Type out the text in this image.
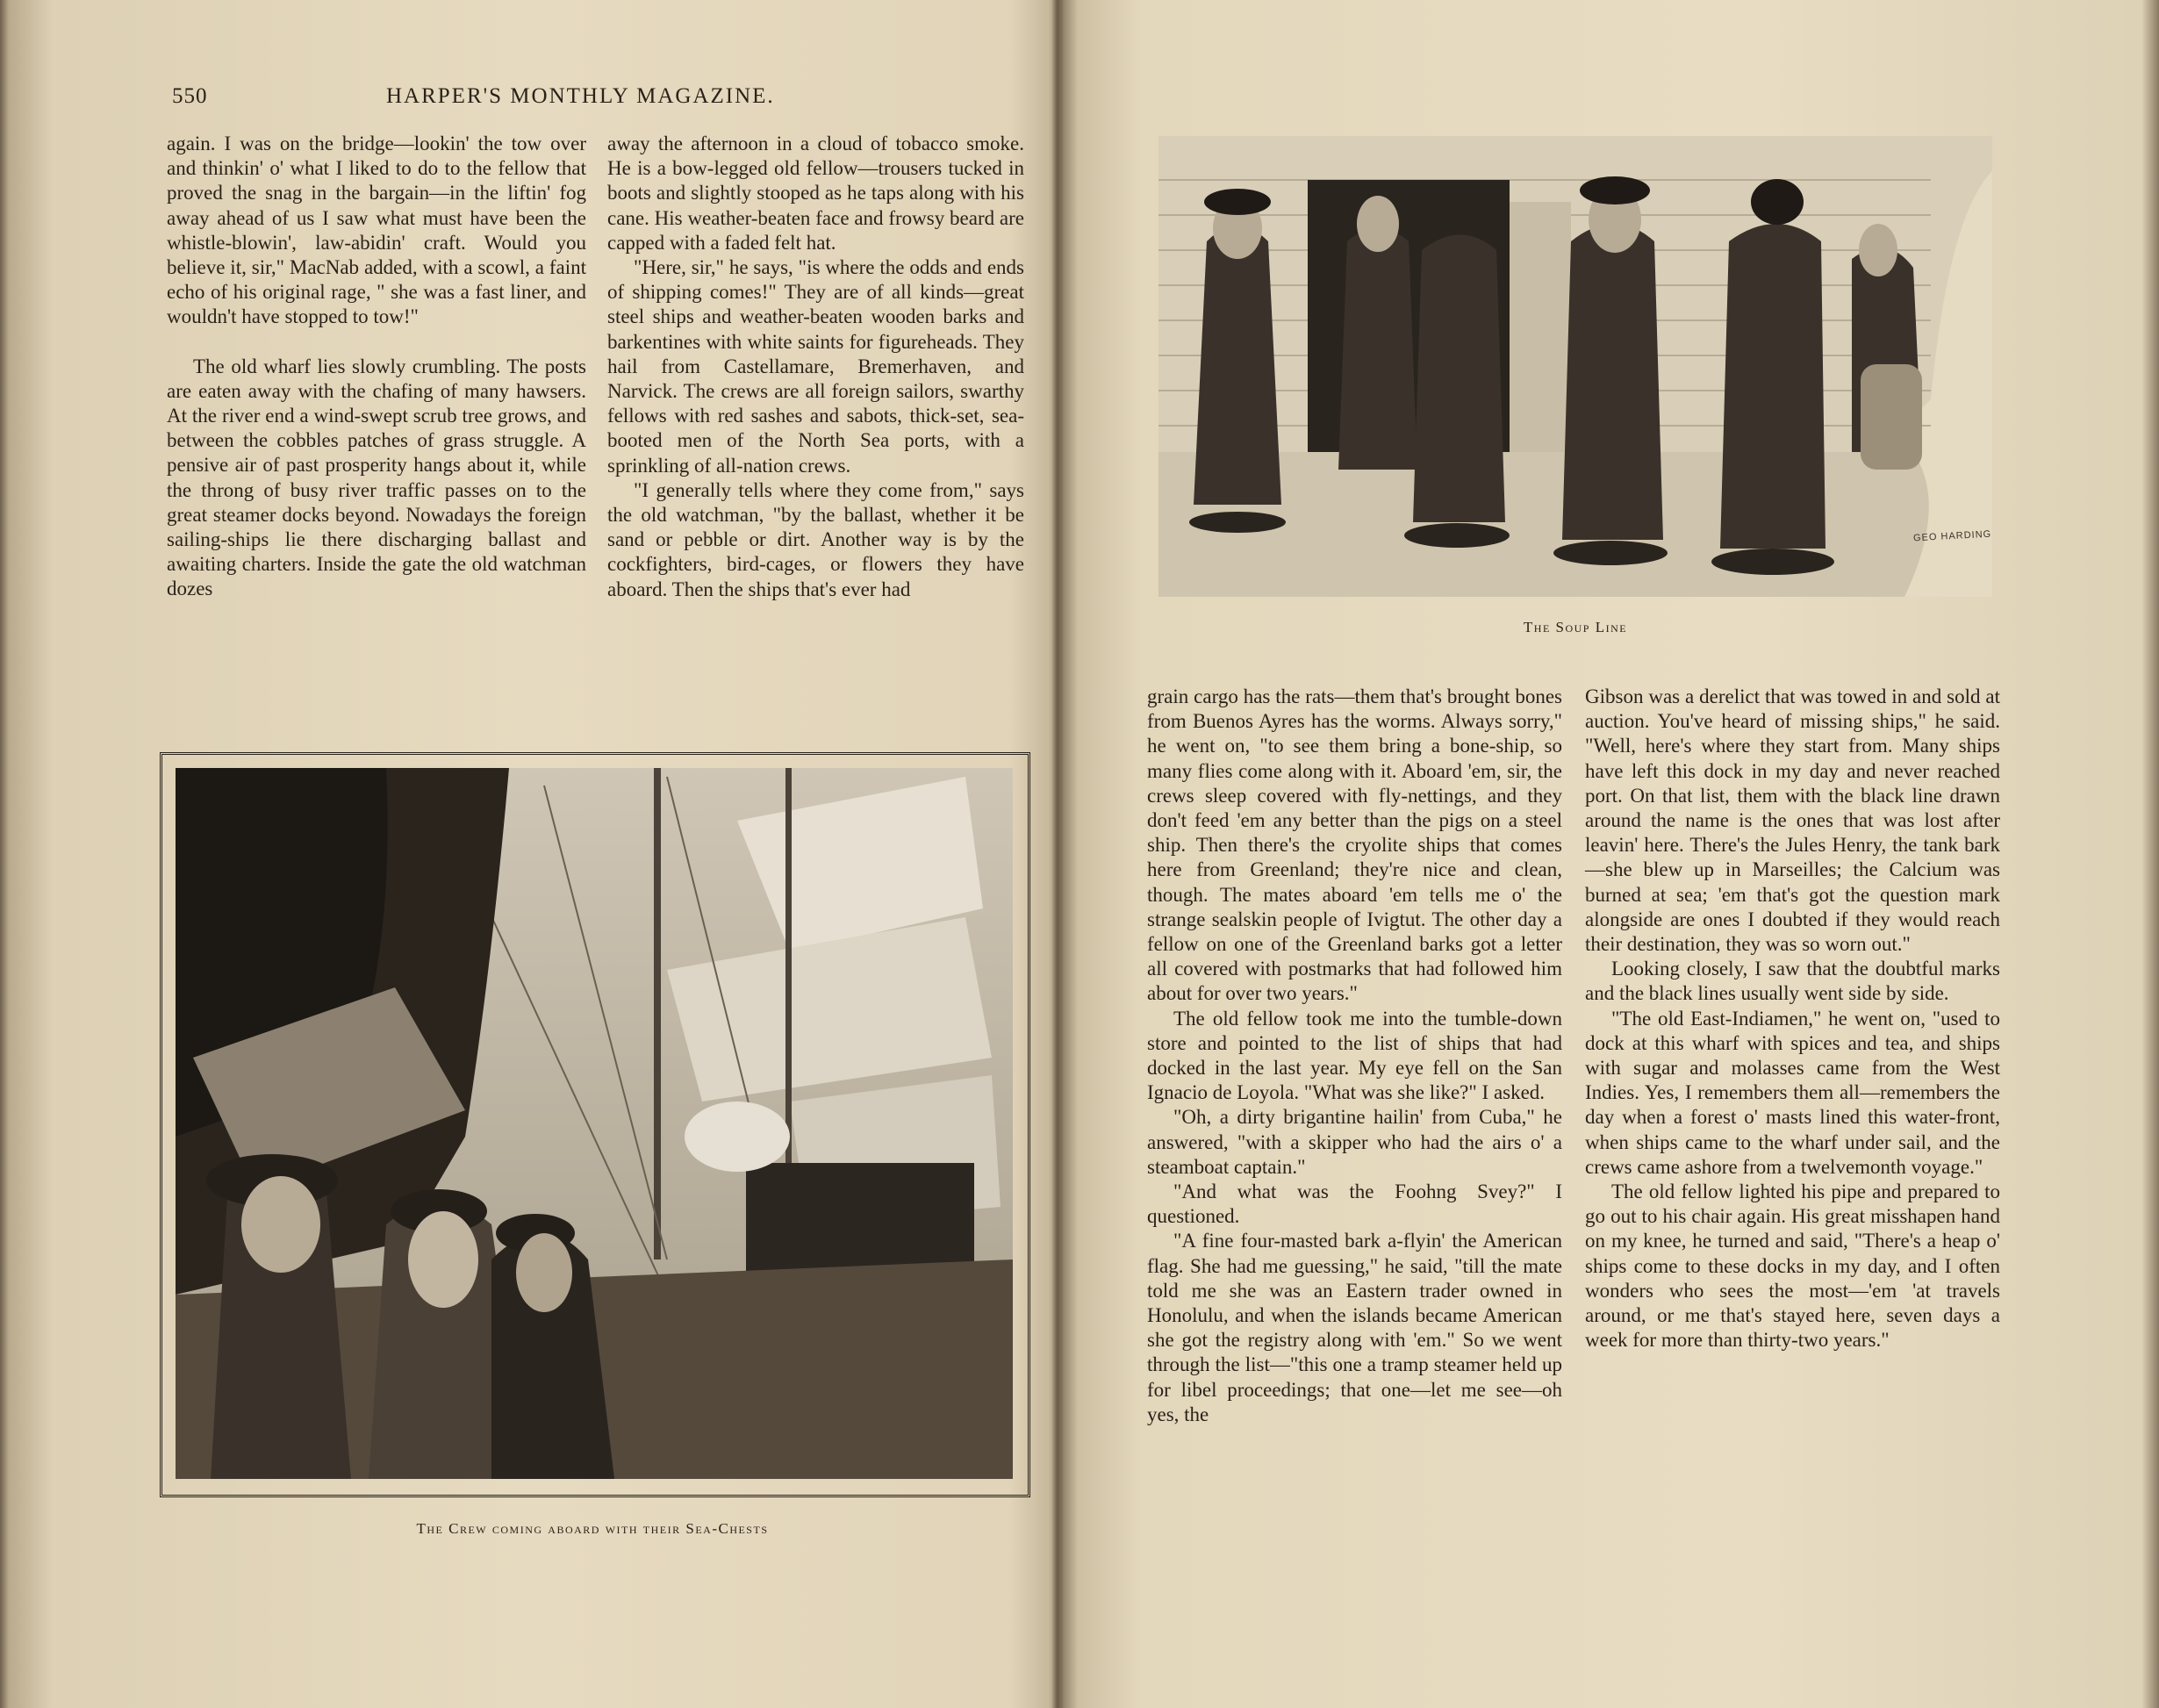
550	HARPER'S MONTHLY MAGAZINE.

again. I was on the bridge—lookin' the tow over and thinkin' o' what I liked to do to the fellow that proved the snag in the bargain—in the liftin' fog away ahead of us I saw what must have been the whistle-blowin', law-abidin' craft. Would you believe it, sir," MacNab added, with a scowl, a faint echo of his original rage, " she was a fast liner, and wouldn't have stopped to tow!"

The old wharf lies slowly crumbling. The posts are eaten away with the chafing of many hawsers. At the river end a wind-swept scrub tree grows, and between the cobbles patches of grass struggle. A pensive air of past prosperity hangs about it, while the throng of busy river traffic passes on to the great steamer docks beyond. Nowadays the foreign sailing-ships lie there discharging ballast and awaiting charters. Inside the gate the old watchman dozes

away the afternoon in a cloud of tobacco smoke. He is a bow-legged old fellow—trousers tucked in boots and slightly stooped as he taps along with his cane. His weather-beaten face and frowsy beard are capped with a faded felt hat.

"Here, sir," he says, "is where the odds and ends of shipping comes!" They are of all kinds—great steel ships and weather-beaten wooden barks and barkentines with white saints for figureheads. They hail from Castellamare, Bremerhaven, and Narvick. The crews are all foreign sailors, swarthy fellows with red sashes and sabots, thick-set, sea-booted men of the North Sea ports, with a sprinkling of all-nation crews.

"I generally tells where they come from," says the old watchman, "by the ballast, whether it be sand or pebble or dirt. Another way is by the cockfighters, bird-cages, or flowers they have aboard. Then the ships that's ever had

The Crew coming aboard with their Sea-Chests
GEO HARDING
The Soup Line

grain cargo has the rats—them that's brought bones from Buenos Ayres has the worms. Always sorry," he went on, "to see them bring a bone-ship, so many flies come along with it. Aboard 'em, sir, the crews sleep covered with fly-nettings, and they don't feed 'em any better than the pigs on a steel ship. Then there's the cryolite ships that comes here from Greenland; they're nice and clean, though. The mates aboard 'em tells me o' the strange sealskin people of Ivigtut. The other day a fellow on one of the Greenland barks got a letter all covered with postmarks that had followed him about for over two years."

The old fellow took me into the tumble-down store and pointed to the list of ships that had docked in the last year. My eye fell on the San Ignacio de Loyola. "What was she like?" I asked.

"Oh, a dirty brigantine hailin' from Cuba," he answered, "with a skipper who had the airs o' a steamboat captain."

"And what was the Foohng Svey?" I questioned.

"A fine four-masted bark a-flyin' the American flag. She had me guessing," he said, "till the mate told me she was an Eastern trader owned in Honolulu, and when the islands became American she got the registry along with 'em." So we went through the list—"this one a tramp steamer held up for libel proceedings; that one—let me see—oh yes, the

Gibson was a derelict that was towed in and sold at auction. You've heard of missing ships," he said. "Well, here's where they start from. Many ships have left this dock in my day and never reached port. On that list, them with the black line drawn around the name is the ones that was lost after leavin' here. There's the Jules Henry, the tank bark—she blew up in Marseilles; the Calcium was burned at sea; 'em that's got the question mark alongside are ones I doubted if they would reach their destination, they was so worn out."

Looking closely, I saw that the doubtful marks and the black lines usually went side by side.

"The old East-Indiamen," he went on, "used to dock at this wharf with spices and tea, and ships with sugar and molasses came from the West Indies. Yes, I remembers them all—remembers the day when a forest o' masts lined this water-front, when ships came to the wharf under sail, and the crews came ashore from a twelvemonth voyage."

The old fellow lighted his pipe and prepared to go out to his chair again. His great misshapen hand on my knee, he turned and said, "There's a heap o' ships come to these docks in my day, and I often wonders who sees the most—'em 'at travels around, or me that's stayed here, seven days a week for more than thirty-two years."
